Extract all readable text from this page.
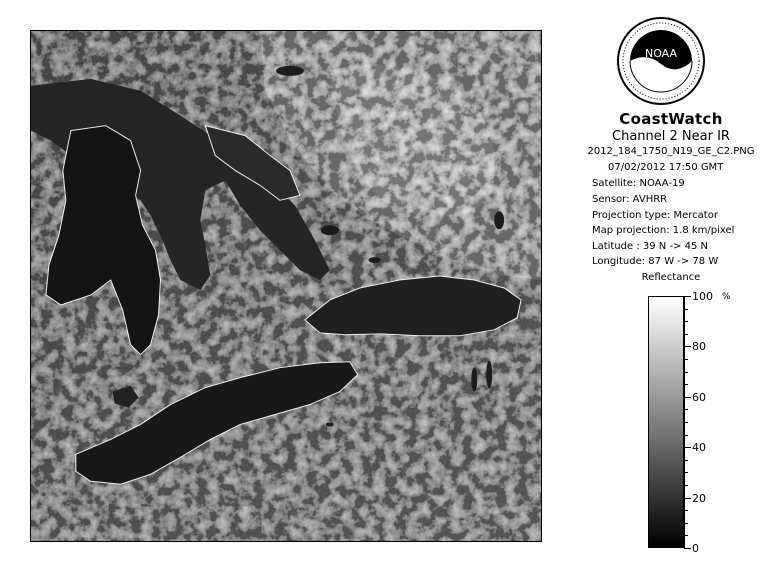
NOAA
CoastWatch
Channel 2 Near IR
2012_184_1750_N19_GE_C2.PNG
07/02/2012 17:50 GMT
Satellite: NOAA-19
Sensor: AVHRR
Projection type: Mercator
Map projection: 1.8 km/pixel
Latitude : 39 N -> 45 N
Longitude: 87 W -> 78 W
Reflectance
%
100
80
60
40
20
0
